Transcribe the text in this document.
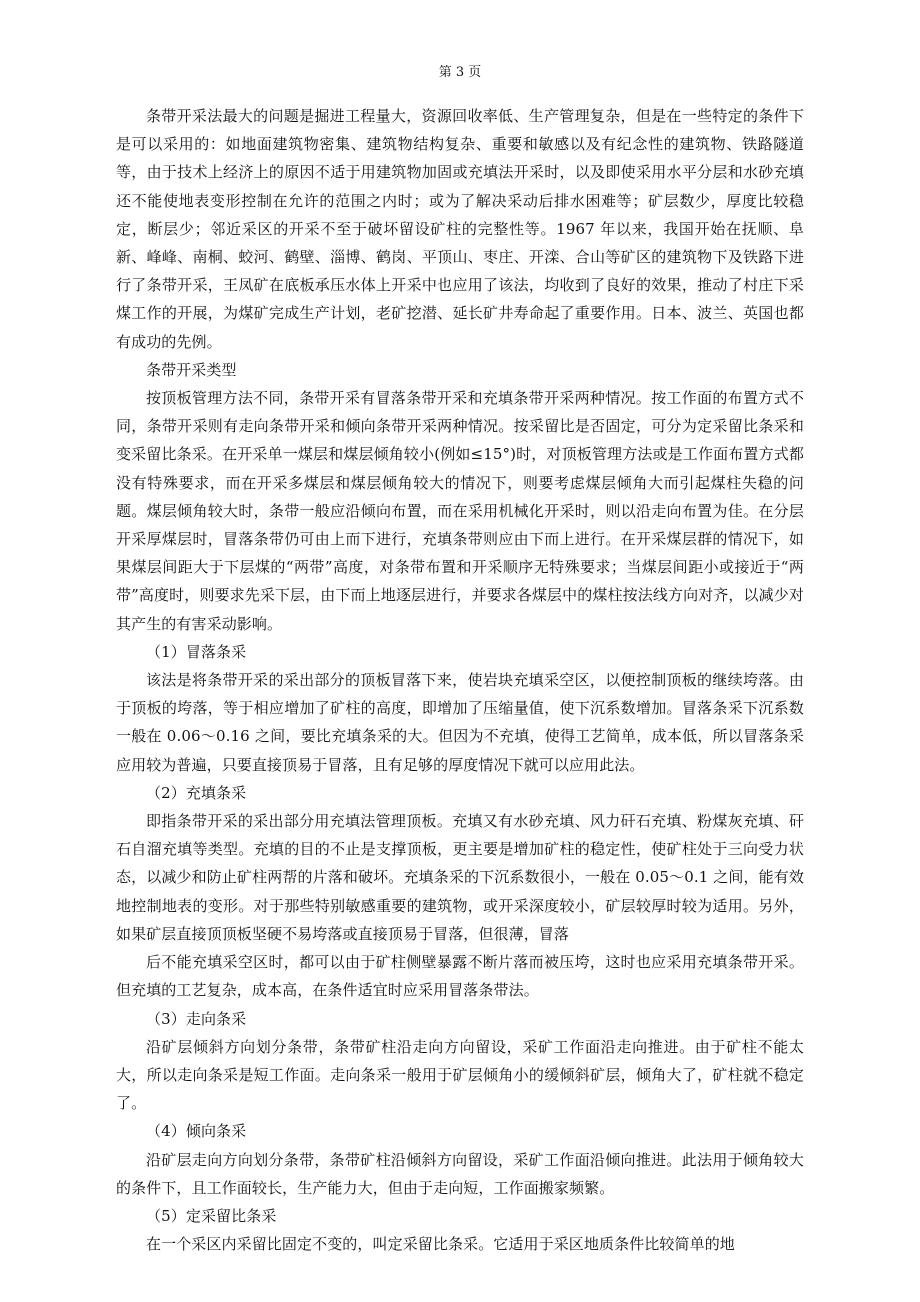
第 3 页

条带开采法最大的问题是掘进工程量大，资源回收率低、生产管理复杂，但是在一些特定的条件下是可以采用的：如地面建筑物密集、建筑物结构复杂、重要和敏感以及有纪念性的建筑物、铁路隧道等，由于技术上经济上的原因不适于用建筑物加固或充填法开采时，以及即使采用水平分层和水砂充填还不能使地表变形控制在允许的范围之内时；或为了解决采动后排水困难等；矿层数少，厚度比较稳定，断层少；邻近采区的开采不至于破坏留设矿柱的完整性等。1967 年以来，我国开始在抚顺、阜新、峰峰、南桐、蛟河、鹤壁、淄博、鹤岗、平顶山、枣庄、开滦、合山等矿区的建筑物下及铁路下进行了条带开采，王凤矿在底板承压水体上开采中也应用了该法，均收到了良好的效果，推动了村庄下采煤工作的开展，为煤矿完成生产计划，老矿挖潜、延长矿井寿命起了重要作用。日本、波兰、英国也都有成功的先例。

条带开采类型

按顶板管理方法不同，条带开采有冒落条带开采和充填条带开采两种情况。按工作面的布置方式不同，条带开采则有走向条带开采和倾向条带开采两种情况。按采留比是否固定，可分为定采留比条采和变采留比条采。在开采单一煤层和煤层倾角较小(例如≤15°)时，对顶板管理方法或是工作面布置方式都没有特殊要求，而在开采多煤层和煤层倾角较大的情况下，则要考虑煤层倾角大而引起煤柱失稳的问题。煤层倾角较大时，条带一般应沿倾向布置，而在采用机械化开采时，则以沿走向布置为佳。在分层开采厚煤层时，冒落条带仍可由上而下进行，充填条带则应由下而上进行。在开采煤层群的情况下，如果煤层间距大于下层煤的“两带”高度，对条带布置和开采顺序无特殊要求；当煤层间距小或接近于“两带”高度时，则要求先采下层，由下而上地逐层进行，并要求各煤层中的煤柱按法线方向对齐，以减少对其产生的有害采动影响。

（1）冒落条采

该法是将条带开采的采出部分的顶板冒落下来，使岩块充填采空区，以便控制顶板的继续垮落。由于顶板的垮落，等于相应增加了矿柱的高度，即增加了压缩量值，使下沉系数增加。冒落条采下沉系数一般在 0.06～0.16 之间，要比充填条采的大。但因为不充填，使得工艺简单，成本低，所以冒落条采应用较为普遍，只要直接顶易于冒落，且有足够的厚度情况下就可以应用此法。

（2）充填条采

即指条带开采的采出部分用充填法管理顶板。充填又有水砂充填、风力矸石充填、粉煤灰充填、矸石自溜充填等类型。充填的目的不止是支撑顶板，更主要是增加矿柱的稳定性，使矿柱处于三向受力状态，以减少和防止矿柱两帮的片落和破坏。充填条采的下沉系数很小，一般在 0.05～0.1 之间，能有效地控制地表的变形。对于那些特别敏感重要的建筑物，或开采深度较小，矿层较厚时较为适用。另外，如果矿层直接顶顶板坚硬不易垮落或直接顶易于冒落，但很薄，冒落

后不能充填采空区时，都可以由于矿柱侧壁暴露不断片落而被压垮，这时也应采用充填条带开采。但充填的工艺复杂，成本高，在条件适宜时应采用冒落条带法。

（3）走向条采

沿矿层倾斜方向划分条带，条带矿柱沿走向方向留设，采矿工作面沿走向推进。由于矿柱不能太大，所以走向条采是短工作面。走向条采一般用于矿层倾角小的缓倾斜矿层，倾角大了，矿柱就不稳定了。

（4）倾向条采

沿矿层走向方向划分条带，条带矿柱沿倾斜方向留设，采矿工作面沿倾向推进。此法用于倾角较大的条件下，且工作面较长，生产能力大，但由于走向短，工作面搬家频繁。

（5）定采留比条采

在一个采区内采留比固定不变的，叫定采留比条采。它适用于采区地质条件比较简单的地
